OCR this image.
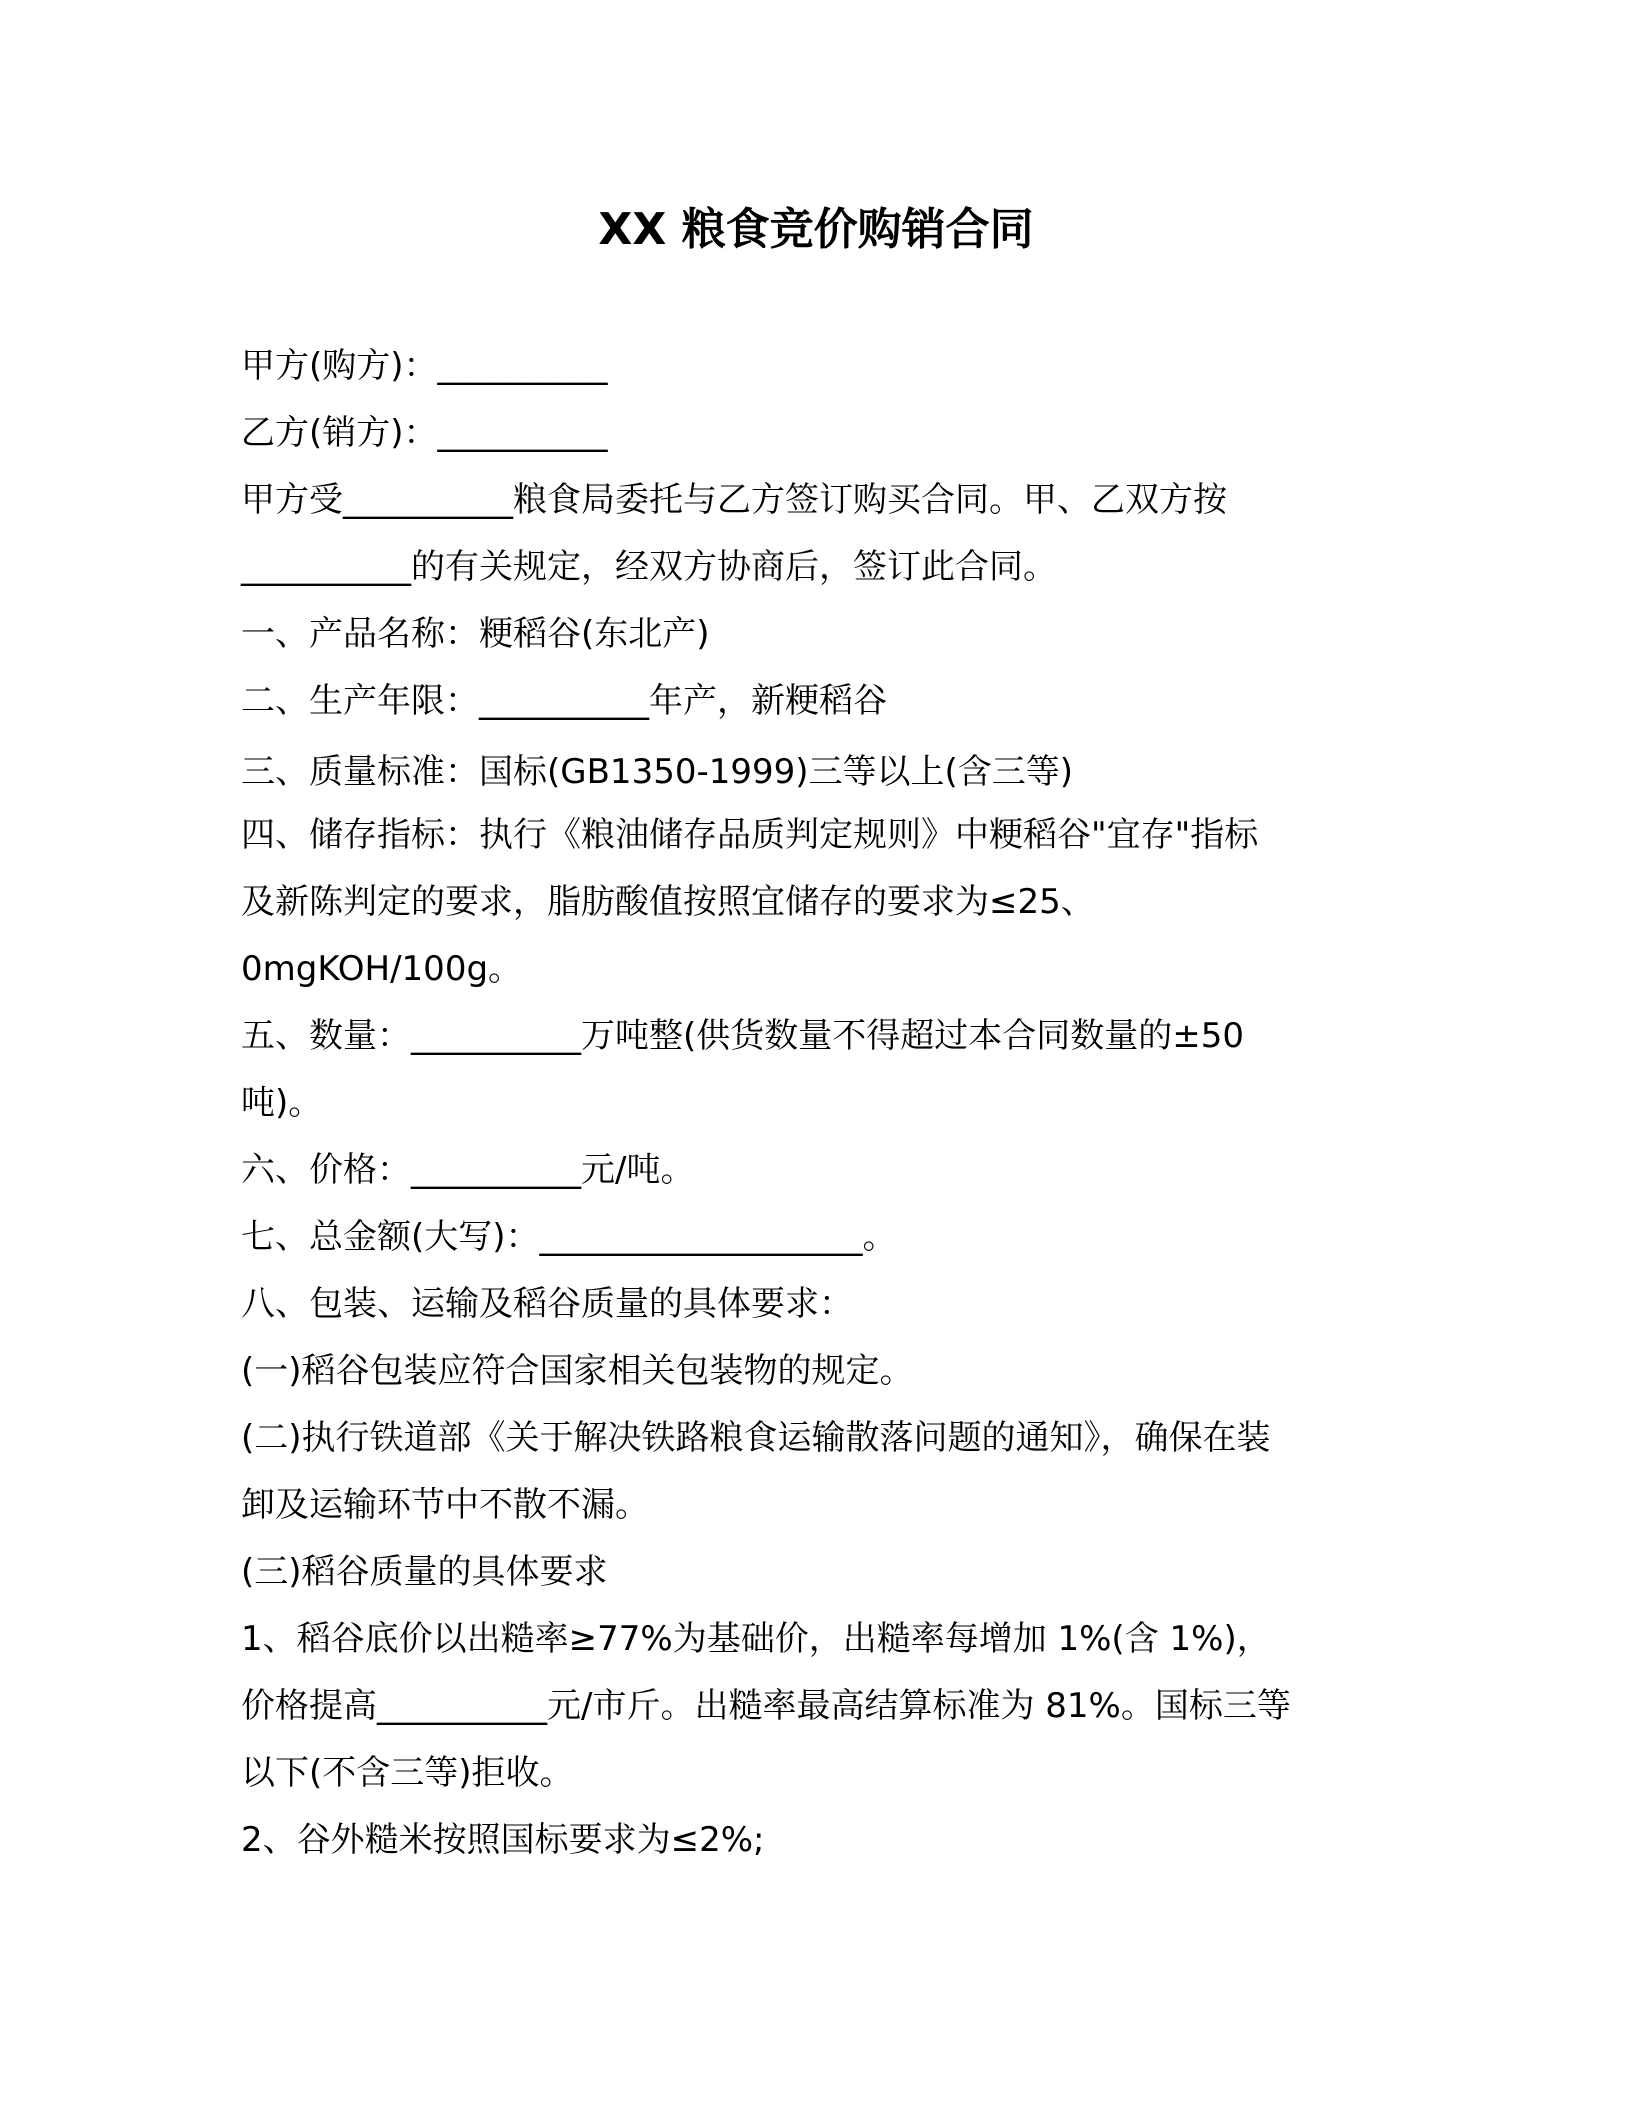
XX 粮食竞价购销合同
甲方(购方)：__________
乙方(销方)：__________
甲方受__________粮食局委托与乙方签订购买合同。甲、乙双方按
__________的有关规定，经双方协商后，签订此合同。
一、产品名称：粳稻谷(东北产)
二、生产年限：__________年产，新粳稻谷
三、质量标准：国标(GB1350-1999)三等以上(含三等)
四、储存指标：执行《粮油储存品质判定规则》中粳稻谷"宜存"指标
及新陈判定的要求，脂肪酸值按照宜储存的要求为≤25、
0mgKOH/100g。
五、数量：__________万吨整(供货数量不得超过本合同数量的±50
吨)。
六、价格：__________元/吨。
七、总金额(大写)：___________________。
八、包装、运输及稻谷质量的具体要求：
(一)稻谷包装应符合国家相关包装物的规定。
(二)执行铁道部《关于解决铁路粮食运输散落问题的通知》，确保在装
卸及运输环节中不散不漏。
(三)稻谷质量的具体要求
1、稻谷底价以出糙率≥77%为基础价，出糙率每增加 1%(含 1%)，
价格提高__________元/市斤。出糙率最高结算标准为 81%。国标三等
以下(不含三等)拒收。
2、谷外糙米按照国标要求为≤2%;
